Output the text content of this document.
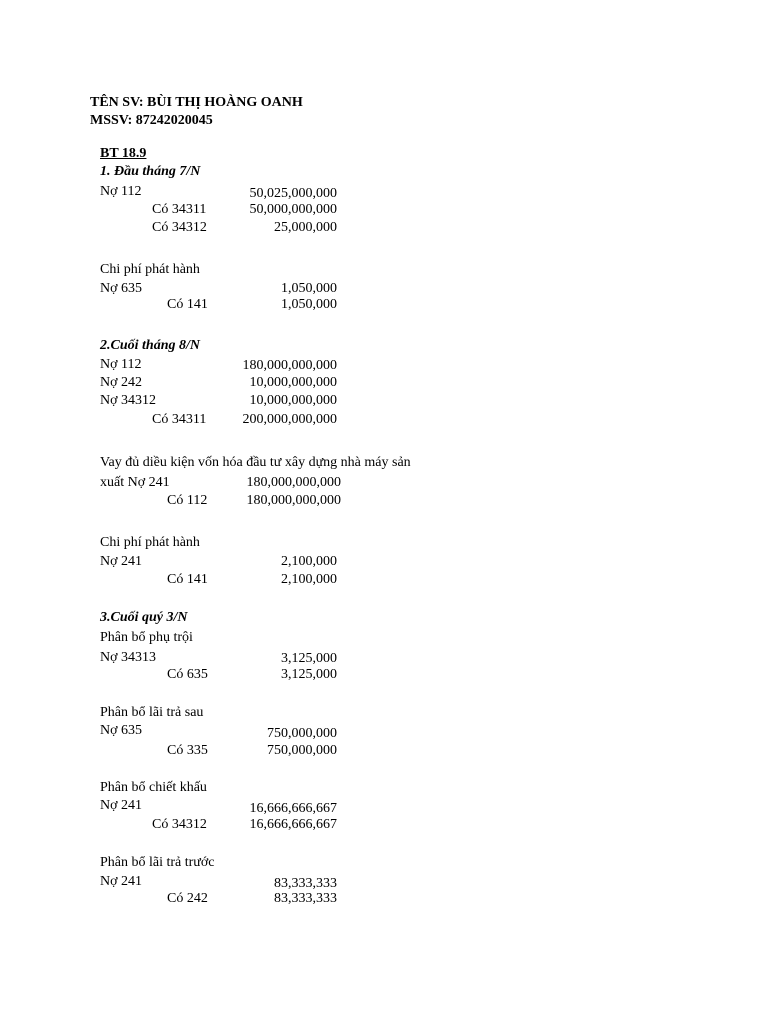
TÊN SV: BÙI THỊ HOÀNG OANH
MSSV: 87242020045
BT 18.9
1. Đầu tháng 7/N
Nợ 112	50,025,000,000
Có 34311	50,000,000,000
Có 34312	25,000,000
Chi phí phát hành
Nợ 635	1,050,000
Có 141	1,050,000
2.Cuối tháng 8/N
Nợ 112	180,000,000,000
Nợ 242	10,000,000,000
Nợ 34312	10,000,000,000
Có 34311	200,000,000,000
Vay đủ diều kiện vốn hóa đầu tư xây dựng nhà máy sản
xuất Nợ 241	180,000,000,000
Có 112	180,000,000,000
Chi phí phát hành
Nợ 241	2,100,000
Có 141	2,100,000
3.Cuối quý 3/N
Phân bổ phụ trội
Nợ 34313	3,125,000
Có 635	3,125,000
Phân bổ lãi trả sau
Nợ 635	750,000,000
Có 335	750,000,000
Phân bổ chiết khấu
Nợ 241	16,666,666,667
Có 34312	16,666,666,667
Phân bổ lãi trả trước
Nợ 241	83,333,333
Có 242	83,333,333
